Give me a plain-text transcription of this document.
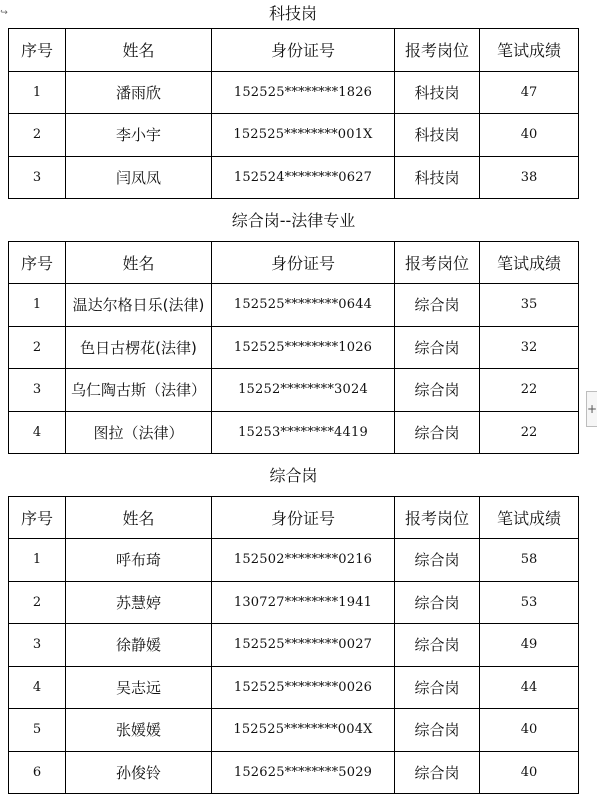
↪	科技岗
序号	姓名	身份证号	报考岗位	笔试成绩
1	潘雨欣	152525********1826	科技岗	47
2	李小宇	152525********001X	科技岗	40
3	闫凤凤	152524********0627	科技岗	38
综合岗--法律专业				
序号	姓名	身份证号	报考岗位	笔试成绩
1	温达尔格日乐(法律)	152525********0644	综合岗	35
2	色日古楞花(法律)	152525********1026	综合岗	32
3	乌仁陶古斯（法律）	15252********3024	综合岗	22
4	图拉（法律）	15253********4419	综合岗	22
综合岗				
序号	姓名	身份证号	报考岗位	笔试成绩
1	呼布琦	152502********0216	综合岗	58
2	苏慧婷	130727********1941	综合岗	53
3	徐静媛	152525********0027	综合岗	49
4	吴志远	152525********0026	综合岗	44
5	张媛媛	152525********004X	综合岗	40
6	孙俊铃	152625********5029	综合岗	40
+
